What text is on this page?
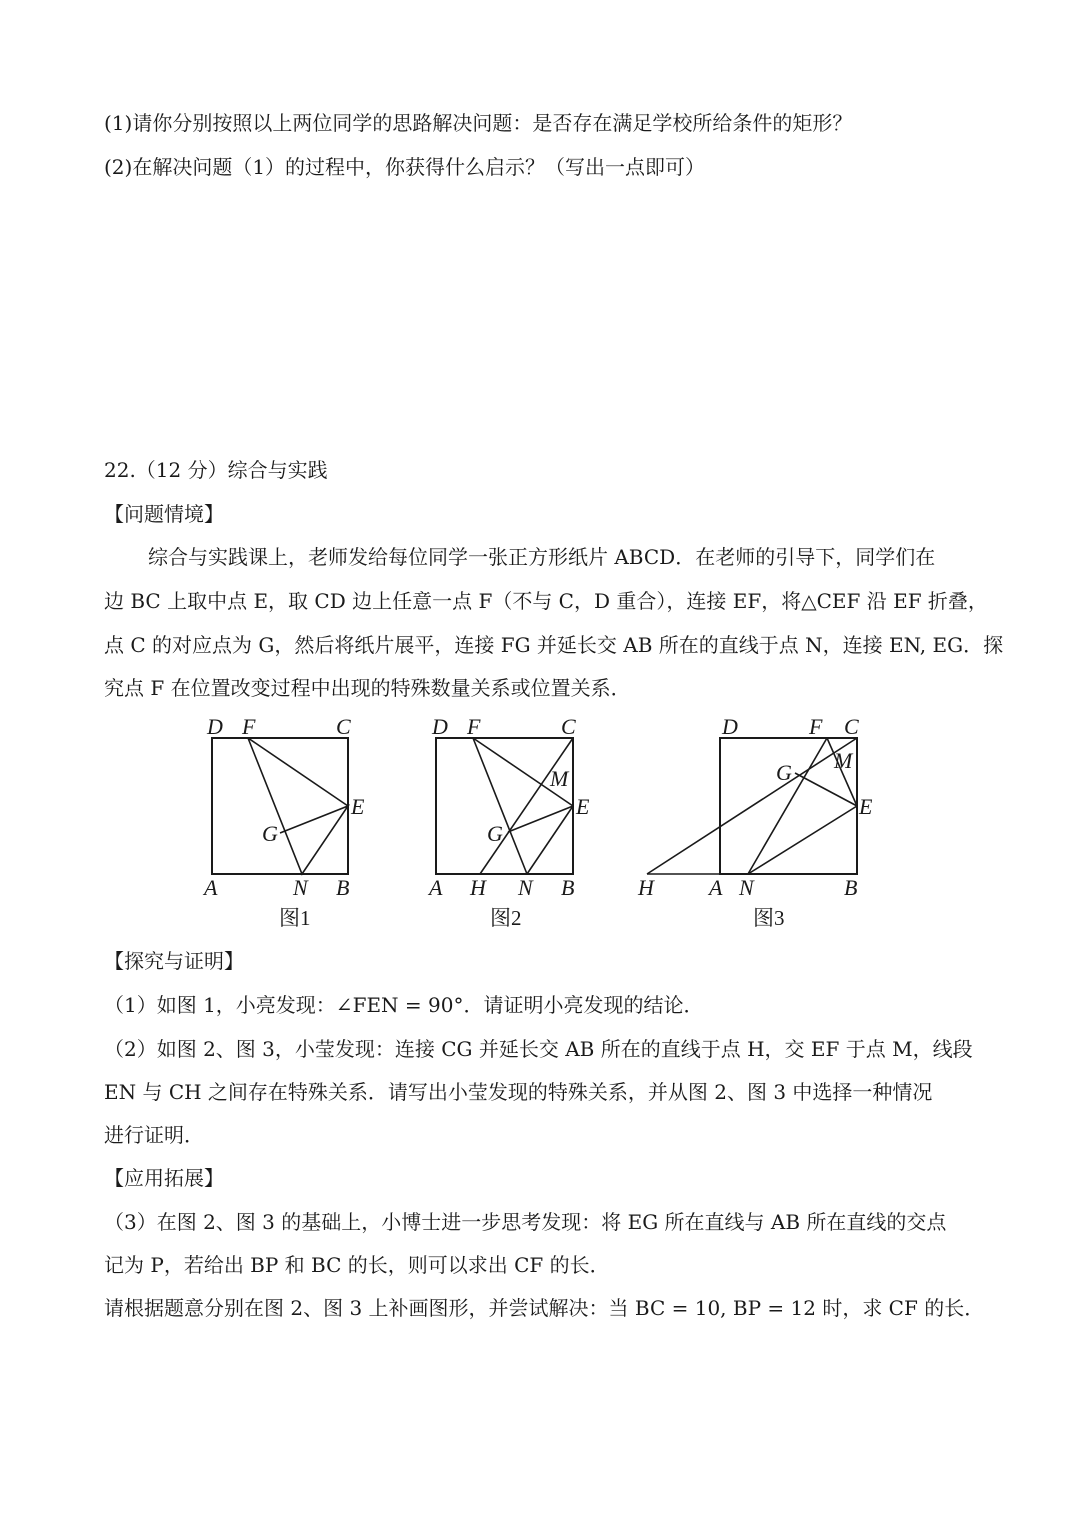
(1)请你分别按照以上两位同学的思路解决问题：是否存在满足学校所给条件的矩形？
(2)在解决问题（1）的过程中，你获得什么启示？（写出一点即可）
22.（12 分）综合与实践
【问题情境】
综合与实践课上，老师发给每位同学一张正方形纸片 ABCD．在老师的引导下，同学们在
边 BC 上取中点 E，取 CD 边上任意一点 F（不与 C，D 重合），连接 EF，将△CEF 沿 EF 折叠，
点 C 的对应点为 G，然后将纸片展平，连接 FG 并延长交 AB 所在的直线于点 N，连接 EN, EG．探
究点 F 在位置改变过程中出现的特殊数量关系或位置关系．
D F	C
E
G
A	N B
图1
D F	C
M
E
G
A H N B
图2
D	F C
G M
E
H	A N	B
图3
【探究与证明】
（1）如图 1，小亮发现：∠FEN = 90°．请证明小亮发现的结论．
（2）如图 2、图 3，小莹发现：连接 CG 并延长交 AB 所在的直线于点 H，交 EF 于点 M，线段
EN 与 CH 之间存在特殊关系．请写出小莹发现的特殊关系，并从图 2、图 3 中选择一种情况
进行证明．
【应用拓展】
（3）在图 2、图 3 的基础上，小博士进一步思考发现：将 EG 所在直线与 AB 所在直线的交点
记为 P，若给出 BP 和 BC 的长，则可以求出 CF 的长．
请根据题意分别在图 2、图 3 上补画图形，并尝试解决：当 BC = 10, BP = 12 时，求 CF 的长．
